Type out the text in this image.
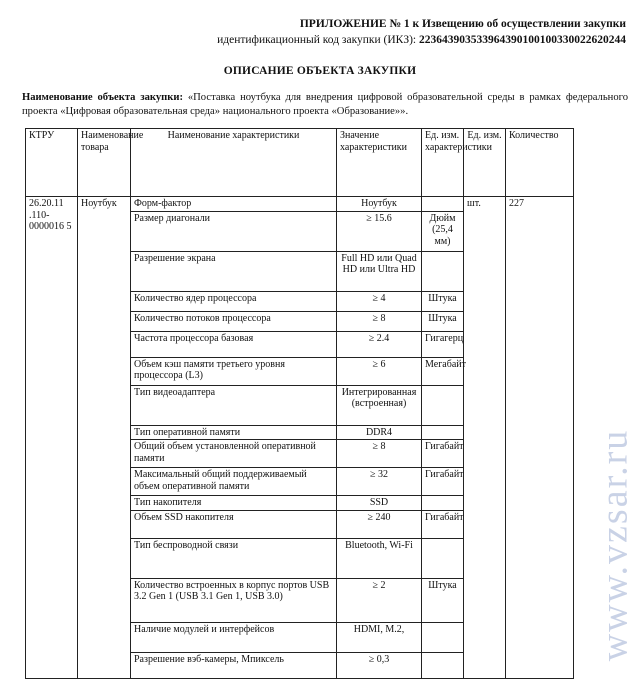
ПРИЛОЖЕНИЕ № 1 к Извещению об осуществлении закупки
идентификационный код закупки (ИКЗ): 223643903533964390100100330022620244
ОПИСАНИЕ ОБЪЕКТА ЗАКУПКИ
Наименование объекта закупки: «Поставка ноутбука для внедрения цифровой образовательной среды в рамках федерального проекта «Цифровая образовательная среда» национального проекта «Образование»».
КТРУ	Наименование товара	Наименование характеристики	Значение характеристики	Ед. изм. характеристики	Ед. изм.	Количество
26.20.11 .110-0000016 5	Ноутбук	Форм-фактор	Ноутбук		шт.	227
		Размер диагонали	≥ 15.6	Дюйм (25,4 мм)		
		Разрешение экрана	Full HD или Quad HD или Ultra HD			
		Количество ядер процессора	≥ 4	Штука		
		Количество потоков процессора	≥ 8	Штука		
		Частота процессора базовая	≥ 2.4	Гигагерц		
		Объем кэш памяти третьего уровня процессора (L3)	≥ 6	Мегабайт		
		Тип видеоадаптера	Интегрированная (встроенная)			
		Тип оперативной памяти	DDR4			
		Общий объем установленной оперативной памяти	≥ 8	Гигабайт		
		Максимальный общий поддерживаемый объем оперативной памяти	≥ 32	Гигабайт		
		Тип накопителя	SSD			
		Объем SSD накопителя	≥ 240	Гигабайт		
		Тип беспроводной связи	Bluetooth, Wi-Fi			
		Количество встроенных в корпус портов USB 3.2 Gen 1 (USB 3.1 Gen 1, USB 3.0)	≥ 2	Штука		
		Наличие модулей и интерфейсов	HDMI, M.2,			
		Разрешение вэб-камеры, Мпиксель	≥ 0,3				www.vzsar.ru
